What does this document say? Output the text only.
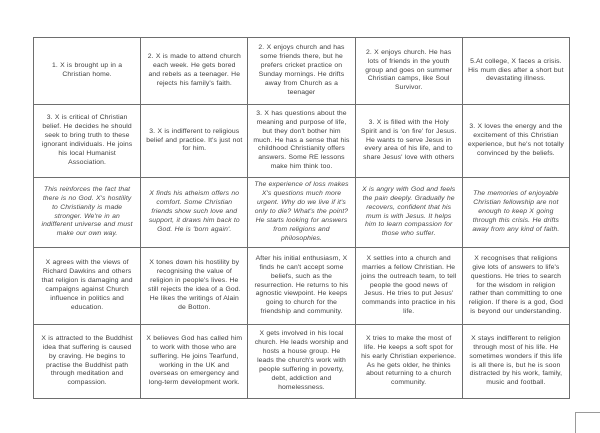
1. X is brought up in a Christian home.	2. X is made to attend church each week. He gets bored and rebels as a teenager. He rejects his family's faith.	2. X enjoys church and has some friends there, but he prefers cricket practice on Sunday mornings. He drifts away from Church as a teenager	2. X enjoys church. He has lots of friends in the youth group and goes on summer Christian camps, like Soul Survivor.	5.At college, X faces a crisis. His mum dies after a short but devastating illness.
3. X is critical of Christian belief. He decides he should seek to bring truth to these ignorant individuals. He joins his local Humanist Association.	3. X is indifferent to religious belief and practice. It's just not for him.	3. X has questions about the meaning and purpose of life, but they don't bother him much. He has a sense that his childhood Christianity offers answers. Some RE lessons make him think too.	3. X is filled with the Holy Spirit and is 'on fire' for Jesus. He wants to serve Jesus in every area of his life, and to share Jesus' love with others	3. X loves the energy and the excitement of this Christian experience, but he's not totally convinced by the beliefs.
This reinforces the fact that there is no God. X's hostility to Christianity is made stronger. We're in an indifferent universe and must make our own way.	X finds his atheism offers no comfort. Some Christian friends show such love and support, it draws him back to God. He is 'born again'.	The experience of loss makes X's questions much more urgent. Why do we live if it's only to die? What's the point? He starts looking for answers from religions and philosophies.	X is angry with God and feels the pain deeply. Gradually he recovers, confident that his mum is with Jesus. It helps him to learn compassion for those who suffer.	The memories of enjoyable Christian fellowship are not enough to keep X going through this crisis. He drifts away from any kind of faith.
X agrees with the views of Richard Dawkins and others that religion is damaging and campaigns against Church influence in politics and education.	X tones down his hostility by recognising the value of religion in people's lives. He still rejects the idea of a God. He likes the writings of Alain de Botton.	After his initial enthusiasm, X finds he can't accept some beliefs, such as the resurrection. He returns to his agnostic viewpoint. He keeps going to church for the friendship and community.	X settles into a church and marries a fellow Christian. He joins the outreach team, to tell people the good news of Jesus. He tries to put Jesus' commands into practice in his life.	X recognises that religions give lots of answers to life's questions. He tries to search for the wisdom in religion rather than committing to one religion. If there is a god, God is beyond our understanding.
X is attracted to the Buddhist idea that suffering is caused by craving. He begins to practise the Buddhist path through meditation and compassion.	X believes God has called him to work with those who are suffering. He joins Tearfund, working in the UK and overseas on emergency and long-term development work.	X gets involved in his local church. He leads worship and hosts a house group. He leads the church's work with people suffering in poverty, debt, addiction and homelessness.	X tries to make the most of life. He keeps a soft spot for his early Christian experience. As he gets older, he thinks about returning to a church community.	X stays indifferent to religion through most of his life. He sometimes wonders if this life is all there is, but he is soon distracted by his work, family, music and football.
